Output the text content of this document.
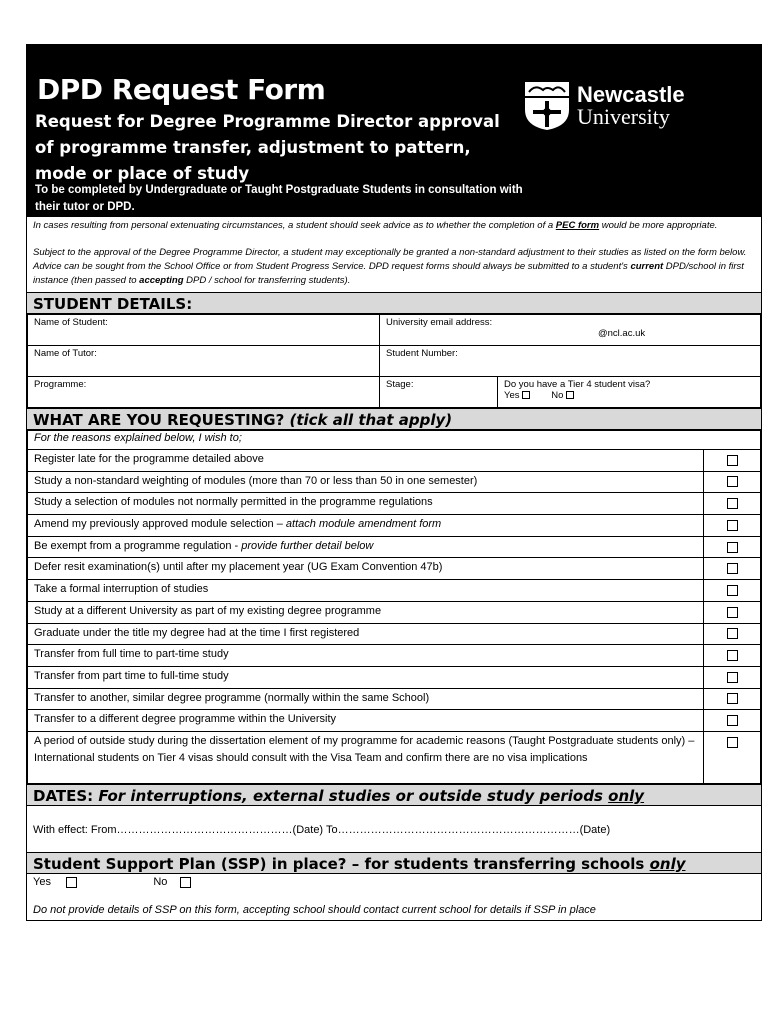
DPD Request Form
Request for Degree Programme Director approval of programme transfer, adjustment to pattern, mode or place of study
To be completed by Undergraduate or Taught Postgraduate Students in consultation with their tutor or DPD.
Newcastle
University

In cases resulting from personal extenuating circumstances, a student should seek advice as to whether the completion of a PEC form would be more appropriate.

Subject to the approval of the Degree Programme Director, a student may exceptionally be granted a non-standard adjustment to their studies as listed on the form below. Advice can be sought from the School Office or from Student Progress Service. DPD request forms should always be submitted to a student's current DPD/school in first instance (then passed to accepting DPD / school for transferring students).

STUDENT DETAILS:
Name of Student:	University email address:
@ncl.ac.uk	

Name of Tutor:	Student Number:	
Programme:	Stage:	Do you have a Tier 4 student visa?
Yes No
WHAT ARE YOU REQUESTING? (tick all that apply)
For the reasons explained below, I wish to;	
Register late for the programme detailed above	
Study a non-standard weighting of modules (more than 70 or less than 50 in one semester)	
Study a selection of modules not normally permitted in the programme regulations	
Amend my previously approved module selection – attach module amendment form	
Be exempt from a programme regulation - provide further detail below	
Defer resit examination(s) until after my placement year (UG Exam Convention 47b)	
Take a formal interruption of studies	
Study at a different University as part of my existing degree programme	
Graduate under the title my degree had at the time I first registered	
Transfer from full time to part-time study	
Transfer from part time to full-time study	
Transfer to another, similar degree programme (normally within the same School)	
Transfer to a different degree programme within the University	
A period of outside study during the dissertation element of my programme for academic reasons (Taught Postgraduate students only) – International students on Tier 4 visas should consult with the Visa Team and confirm there are no visa implications	
DATES: For interruptions, external studies or outside study periods only
With effect: From…………………………………………(Date) To…………………………………………………………(Date)
Student Support Plan (SSP) in place? – for students transferring schools only
Yes	No
Do not provide details of SSP on this form, accepting school should contact current school for details if SSP in place
